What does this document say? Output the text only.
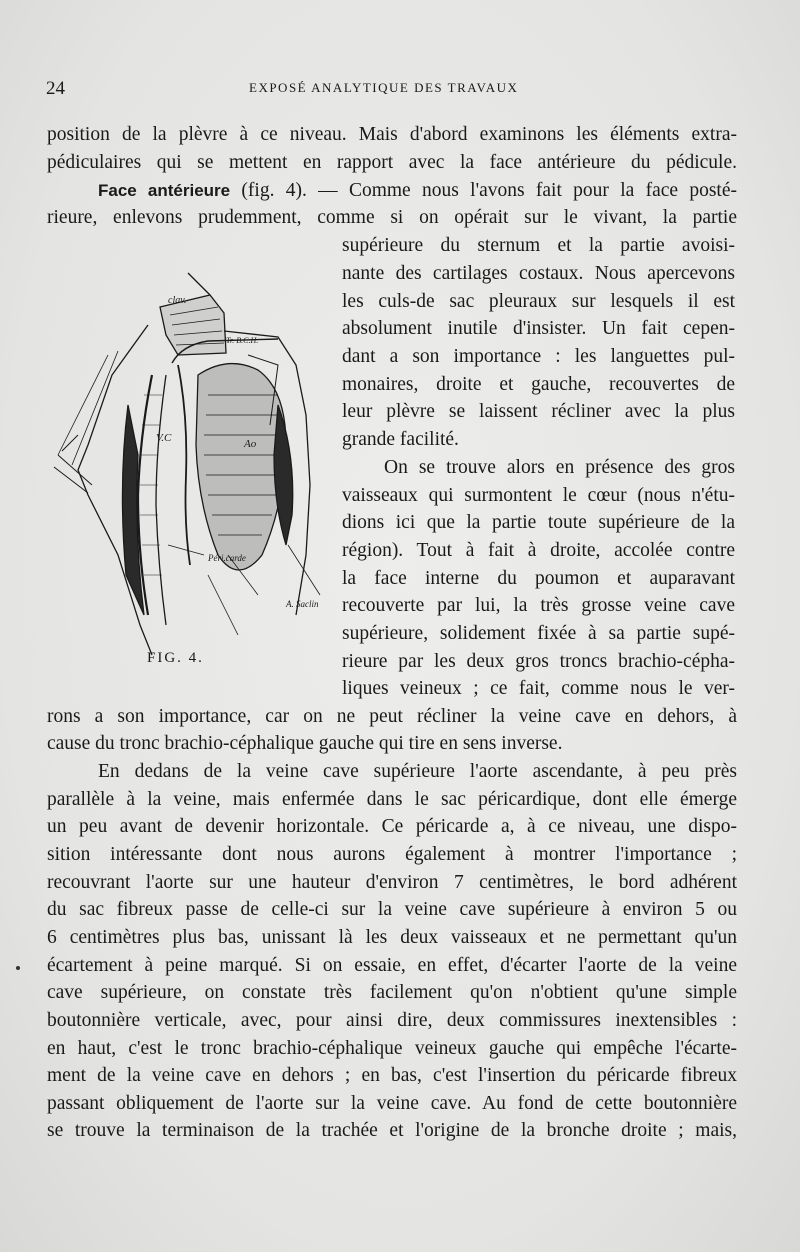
24	EXPOSÉ ANALYTIQUE DES TRAVAUX
position de la plèvre à ce niveau. Mais d'abord examinons les éléments extra-
pédiculaires qui se mettent en rapport avec la face antérieure du pédicule.
Face antérieure (fig. 4). — Comme nous l'avons fait pour la face posté-
rieure, enlevons prudemment, comme si on opérait sur le vivant, la partie
supérieure du sternum et la partie avoisi-
nante des cartilages costaux. Nous apercevons
les culs-de sac pleuraux sur lesquels il est
absolument inutile d'insister. Un fait cepen-
dant a son importance : les languettes pul-
monaires, droite et gauche, recouvertes de
leur plèvre se laissent récliner avec la plus
grande facilité.
On se trouve alors en présence des gros
vaisseaux qui surmontent le cœur (nous n'étu-
dions ici que la partie toute supérieure de la
région). Tout à fait à droite, accolée contre
la face interne du poumon et auparavant
recouverte par lui, la très grosse veine cave
supérieure, solidement fixée à sa partie supé-
rieure par les deux gros troncs brachio-cépha-
liques veineux ; ce fait, comme nous le ver-
rons a son importance, car on ne peut récliner la veine cave en dehors, à
cause du tronc brachio-céphalique gauche qui tire en sens inverse.
En dedans de la veine cave supérieure l'aorte ascendante, à peu près
parallèle à la veine, mais enfermée dans le sac péricardique, dont elle émerge
un peu avant de devenir horizontale. Ce péricarde a, à ce niveau, une dispo-
sition intéressante dont nous aurons également à montrer l'importance ;
recouvrant l'aorte sur une hauteur d'environ 7 centimètres, le bord adhérent
du sac fibreux passe de celle-ci sur la veine cave supérieure à environ 5 ou
6 centimètres plus bas, unissant là les deux vaisseaux et ne permettant qu'un
écartement à peine marqué. Si on essaie, en effet, d'écarter l'aorte de la veine
cave supérieure, on constate très facilement qu'on n'obtient qu'une simple
boutonnière verticale, avec, pour ainsi dire, deux commissures inextensibles :
en haut, c'est le tronc brachio-céphalique veineux gauche qui empêche l'écarte-
ment de la veine cave en dehors ; en bas, c'est l'insertion du péricarde fibreux
passant obliquement de l'aorte sur la veine cave. Au fond de cette boutonnière
se trouve la terminaison de la trachée et l'origine de la bronche droite ; mais,
clav.
Tr. B.C.H.
V.C	Ao
Péri.carde
A. Saclin
FIG. 4.
